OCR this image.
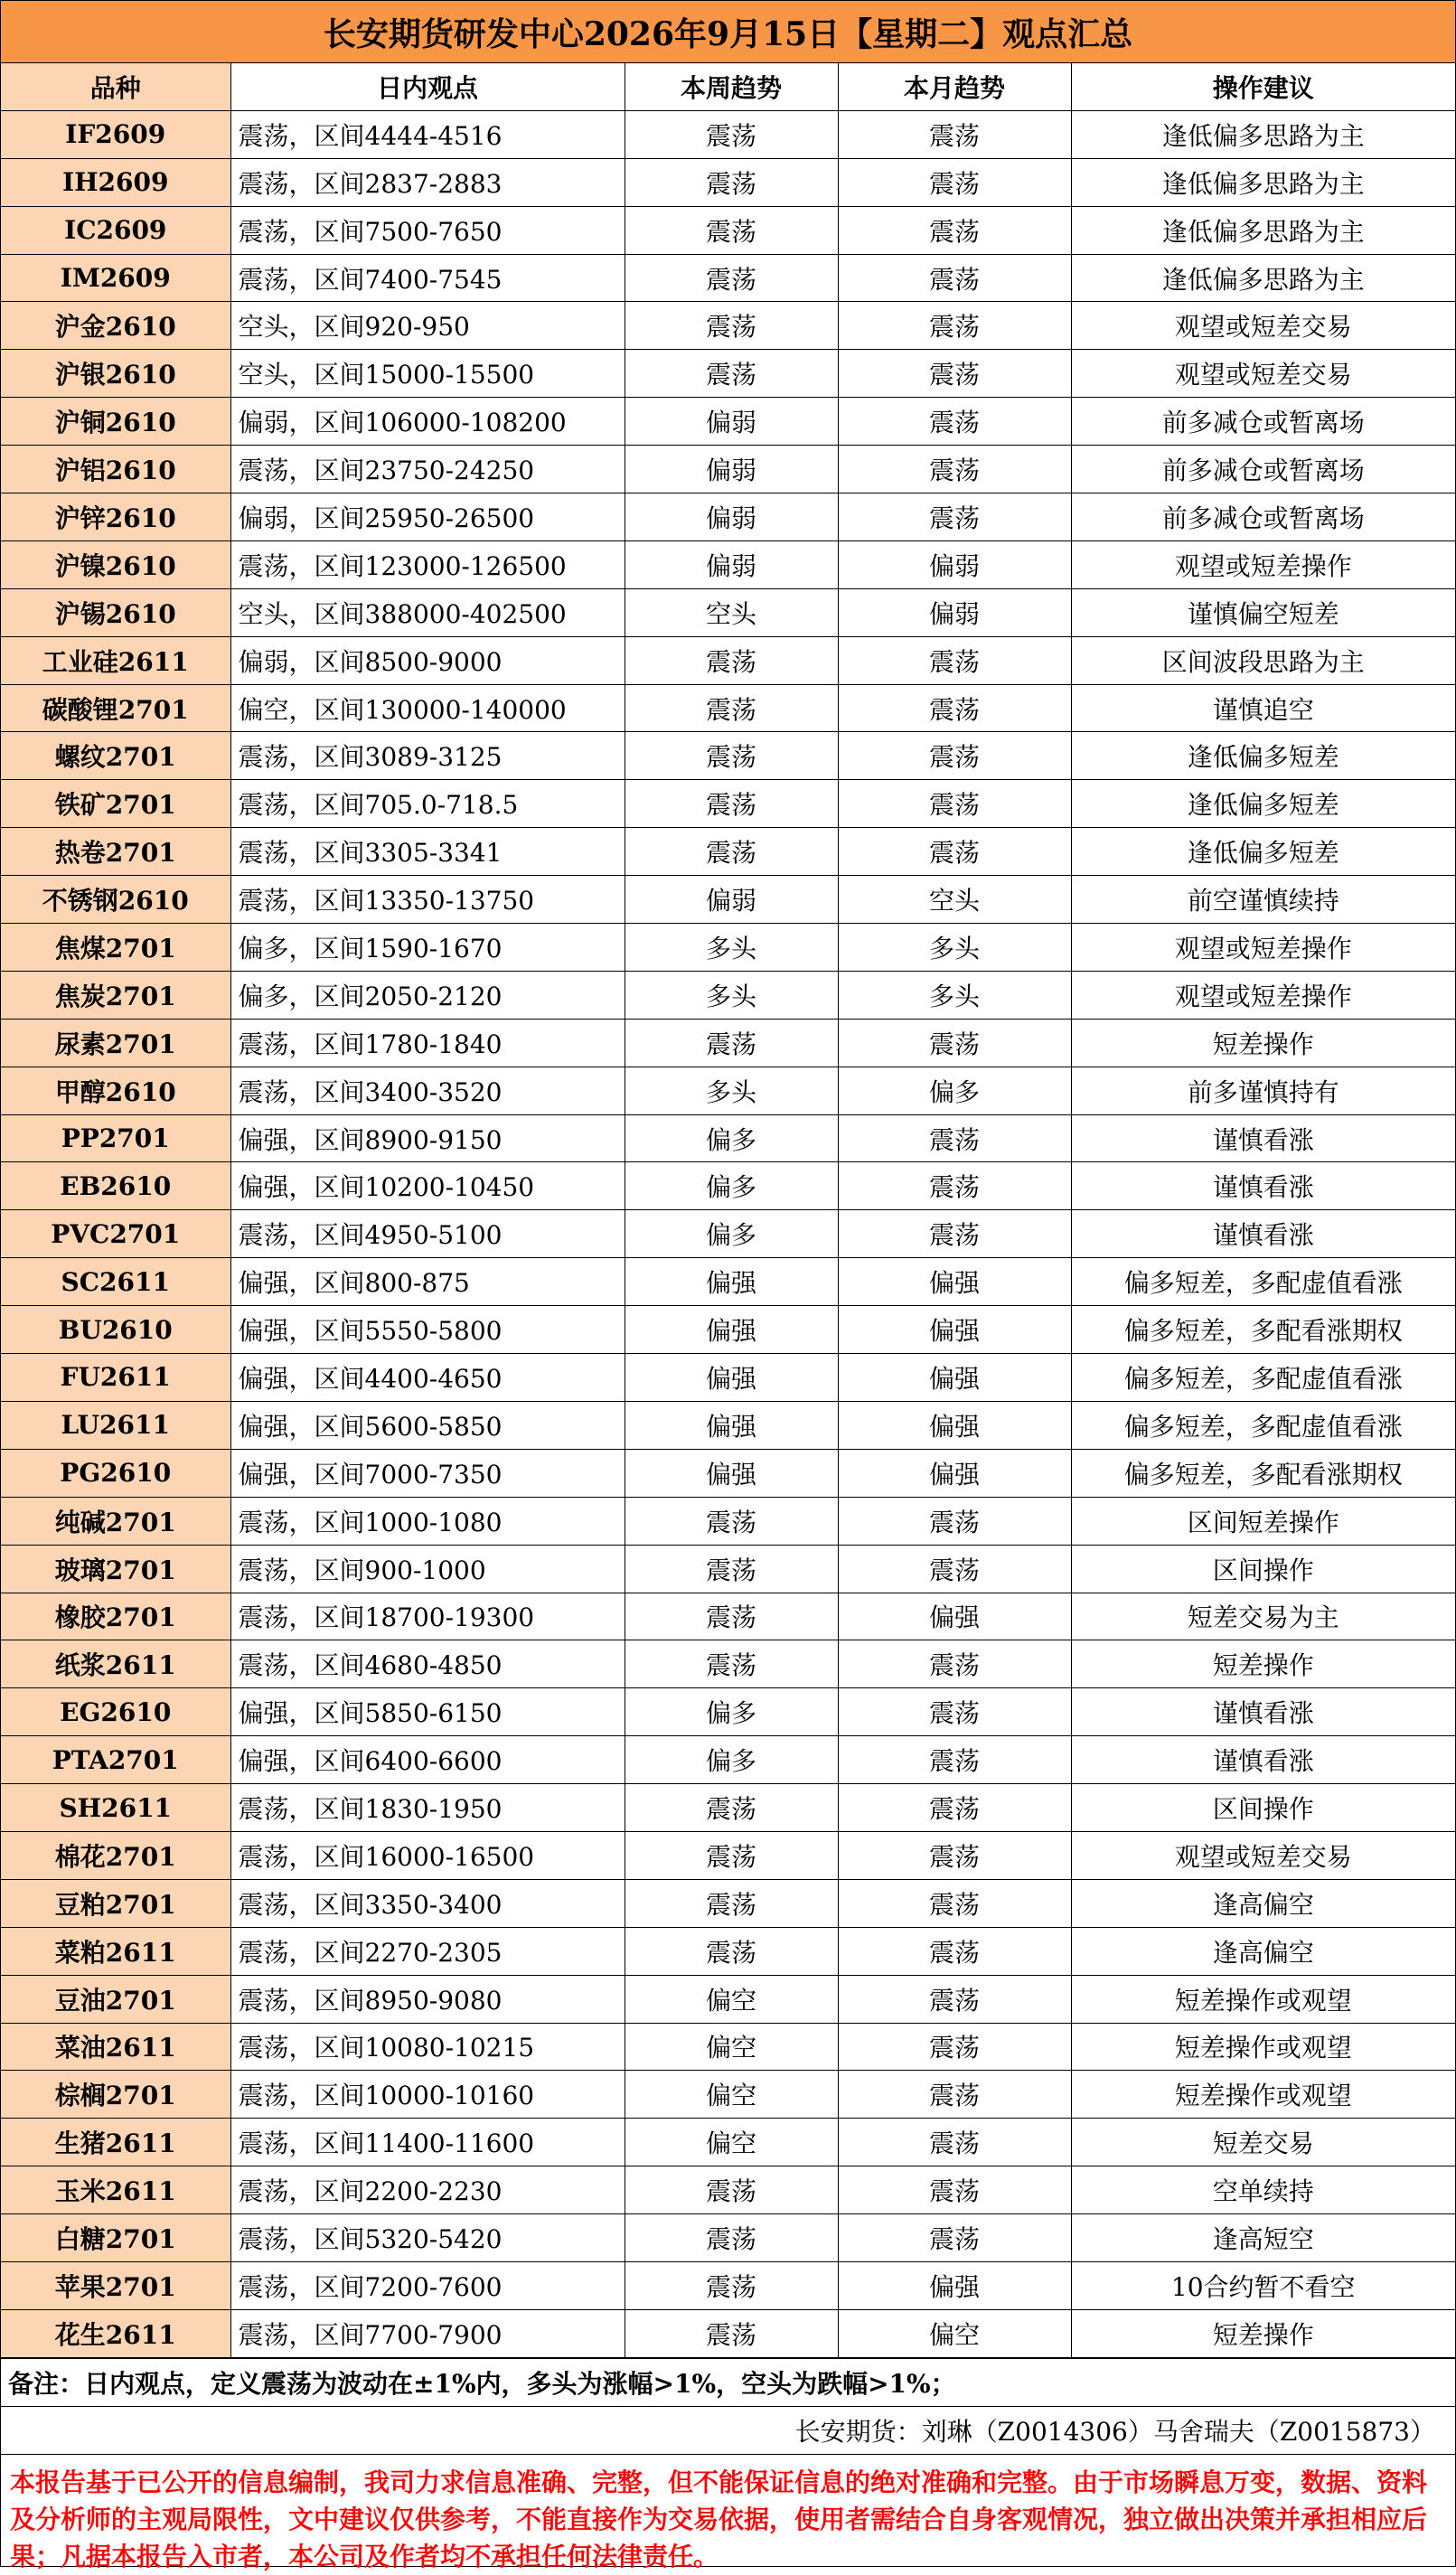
长安期货研发中心2026年9月15日【星期二】观点汇总
品种	日内观点	本周趋势	本月趋势	操作建议
IF2609	震荡，区间4444-4516	震荡	震荡	逢低偏多思路为主
IH2609	震荡，区间2837-2883	震荡	震荡	逢低偏多思路为主
IC2609	震荡，区间7500-7650	震荡	震荡	逢低偏多思路为主
IM2609	震荡，区间7400-7545	震荡	震荡	逢低偏多思路为主
沪金2610	空头，区间920-950	震荡	震荡	观望或短差交易
沪银2610	空头，区间15000-15500	震荡	震荡	观望或短差交易
沪铜2610	偏弱，区间106000-108200	偏弱	震荡	前多减仓或暂离场
沪铝2610	震荡，区间23750-24250	偏弱	震荡	前多减仓或暂离场
沪锌2610	偏弱，区间25950-26500	偏弱	震荡	前多减仓或暂离场
沪镍2610	震荡，区间123000-126500	偏弱	偏弱	观望或短差操作
沪锡2610	空头，区间388000-402500	空头	偏弱	谨慎偏空短差
工业硅2611	偏弱，区间8500-9000	震荡	震荡	区间波段思路为主
碳酸锂2701	偏空，区间130000-140000	震荡	震荡	谨慎追空
螺纹2701	震荡，区间3089-3125	震荡	震荡	逢低偏多短差
铁矿2701	震荡，区间705.0-718.5	震荡	震荡	逢低偏多短差
热卷2701	震荡，区间3305-3341	震荡	震荡	逢低偏多短差
不锈钢2610	震荡，区间13350-13750	偏弱	空头	前空谨慎续持
焦煤2701	偏多，区间1590-1670	多头	多头	观望或短差操作
焦炭2701	偏多，区间2050-2120	多头	多头	观望或短差操作
尿素2701	震荡，区间1780-1840	震荡	震荡	短差操作
甲醇2610	震荡，区间3400-3520	多头	偏多	前多谨慎持有
PP2701	偏强，区间8900-9150	偏多	震荡	谨慎看涨
EB2610	偏强，区间10200-10450	偏多	震荡	谨慎看涨
PVC2701	震荡，区间4950-5100	偏多	震荡	谨慎看涨
SC2611	偏强，区间800-875	偏强	偏强	偏多短差，多配虚值看涨
BU2610	偏强，区间5550-5800	偏强	偏强	偏多短差，多配看涨期权
FU2611	偏强，区间4400-4650	偏强	偏强	偏多短差，多配虚值看涨
LU2611	偏强，区间5600-5850	偏强	偏强	偏多短差，多配虚值看涨
PG2610	偏强，区间7000-7350	偏强	偏强	偏多短差，多配看涨期权
纯碱2701	震荡，区间1000-1080	震荡	震荡	区间短差操作
玻璃2701	震荡，区间900-1000	震荡	震荡	区间操作
橡胶2701	震荡，区间18700-19300	震荡	偏强	短差交易为主
纸浆2611	震荡，区间4680-4850	震荡	震荡	短差操作
EG2610	偏强，区间5850-6150	偏多	震荡	谨慎看涨
PTA2701	偏强，区间6400-6600	偏多	震荡	谨慎看涨
SH2611	震荡，区间1830-1950	震荡	震荡	区间操作
棉花2701	震荡，区间16000-16500	震荡	震荡	观望或短差交易
豆粕2701	震荡，区间3350-3400	震荡	震荡	逢高偏空
菜粕2611	震荡，区间2270-2305	震荡	震荡	逢高偏空
豆油2701	震荡，区间8950-9080	偏空	震荡	短差操作或观望
菜油2611	震荡，区间10080-10215	偏空	震荡	短差操作或观望
棕榈2701	震荡，区间10000-10160	偏空	震荡	短差操作或观望
生猪2611	震荡，区间11400-11600	偏空	震荡	短差交易
玉米2611	震荡，区间2200-2230	震荡	震荡	空单续持
白糖2701	震荡，区间5320-5420	震荡	震荡	逢高短空
苹果2701	震荡，区间7200-7600	震荡	偏强	10合约暂不看空
花生2611	震荡，区间7700-7900	震荡	偏空	短差操作
备注：日内观点，定义震荡为波动在±1%内，多头为涨幅>1%，空头为跌幅>1%；
长安期货：刘琳（Z0014306）马舍瑞夫（Z0015873）
本报告基于已公开的信息编制，我司力求信息准确、完整，但不能保证信息的绝对准确和完整。由于市场瞬息万变，数据、资料及分析师的主观局限性，文中建议仅供参考，不能直接作为交易依据，使用者需结合自身客观情况，独立做出决策并承担相应后果；凡据本报告入市者，本公司及作者均不承担任何法律责任。
